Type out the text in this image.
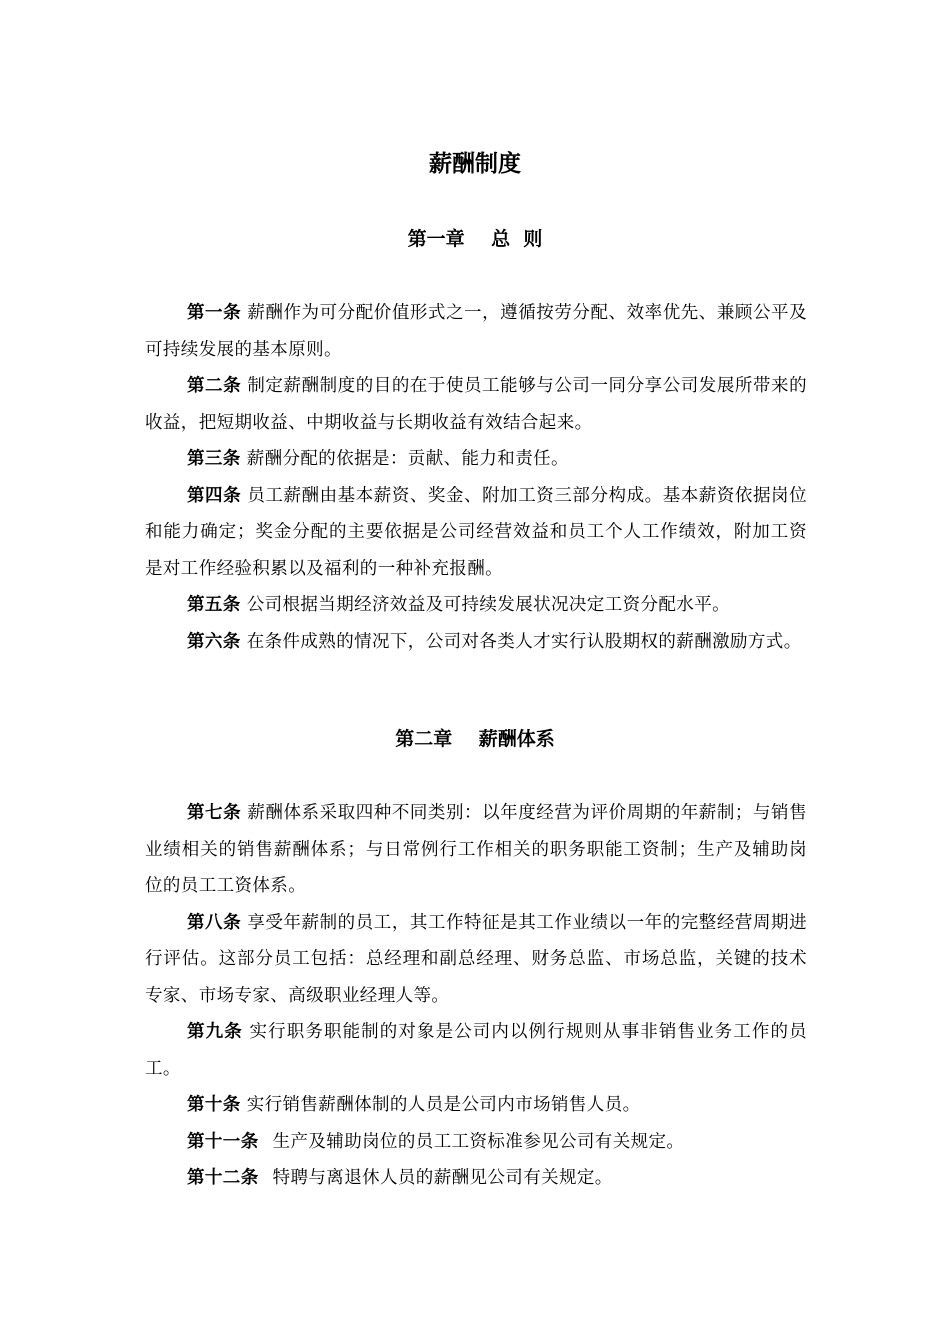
薪酬制度
第一章    总  则

第一条 薪酬作为可分配价值形式之一，遵循按劳分配、效率优先、兼顾公平及可持续发展的基本原则。

第二条 制定薪酬制度的目的在于使员工能够与公司一同分享公司发展所带来的收益，把短期收益、中期收益与长期收益有效结合起来。

第三条 薪酬分配的依据是：贡献、能力和责任。

第四条 员工薪酬由基本薪资、奖金、附加工资三部分构成。基本薪资依据岗位和能力确定；奖金分配的主要依据是公司经营效益和员工个人工作绩效，附加工资是对工作经验积累以及福利的一种补充报酬。

第五条 公司根据当期经济效益及可持续发展状况决定工资分配水平。

第六条 在条件成熟的情况下，公司对各类人才实行认股期权的薪酬激励方式。

第二章    薪酬体系

第七条 薪酬体系采取四种不同类别：以年度经营为评价周期的年薪制；与销售业绩相关的销售薪酬体系；与日常例行工作相关的职务职能工资制；生产及辅助岗位的员工工资体系。

第八条 享受年薪制的员工，其工作特征是其工作业绩以一年的完整经营周期进行评估。这部分员工包括：总经理和副总经理、财务总监、市场总监，关键的技术专家、市场专家、高级职业经理人等。

第九条 实行职务职能制的对象是公司内以例行规则从事非销售业务工作的员工。

第十条 实行销售薪酬体制的人员是公司内市场销售人员。

第十一条 生产及辅助岗位的员工工资标准参见公司有关规定。

第十二条 特聘与离退休人员的薪酬见公司有关规定。
